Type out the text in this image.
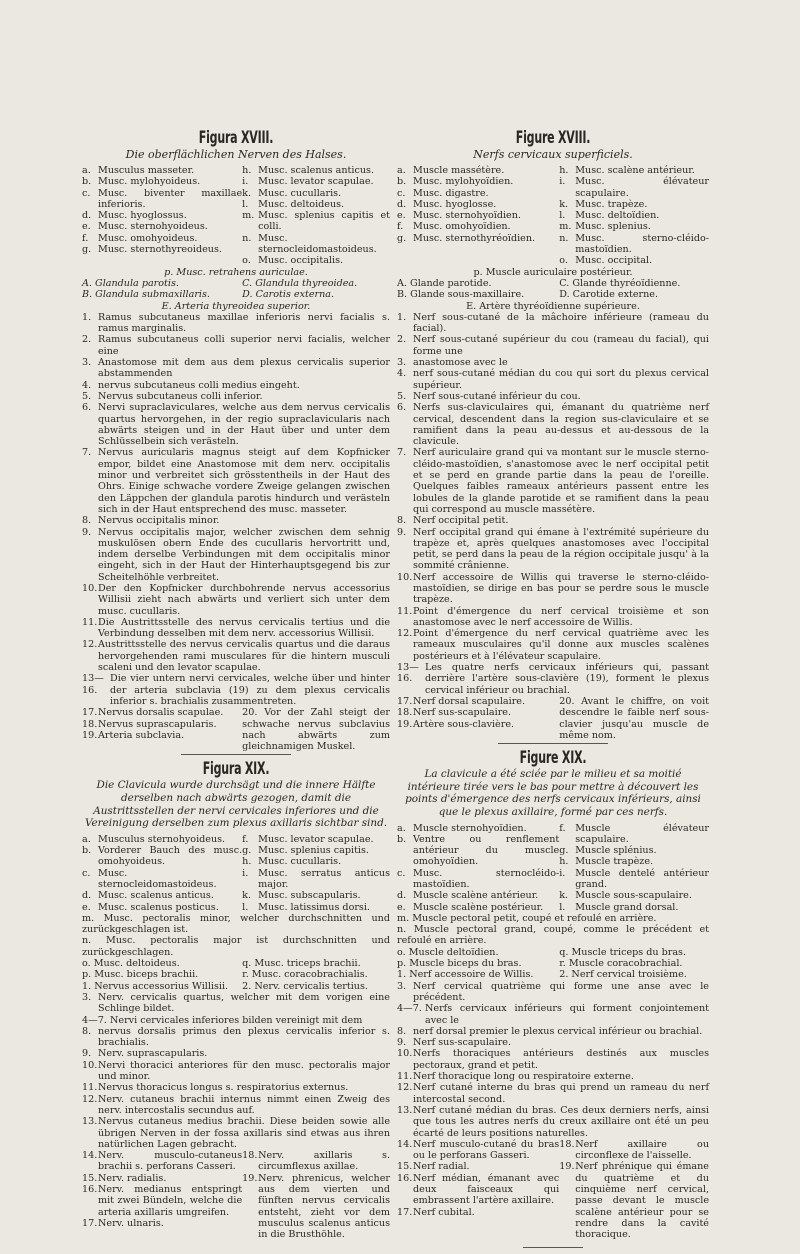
Figura XVIII.
Die oberflächlichen Nerven des Halses.
a. Musculus masseter.
b. Musc. mylohyoideus.
c. Musc. biventer maxillae inferioris.
d. Musc. hyoglossus.
e. Musc. sternohyoideus.
f.	Musc. omohyoideus.
g. Musc. sternothyreoideus.
h. Musc. scalenus anticus.
i.	Musc. levator scapulae.
k. Musc. cucullaris.
l.	Musc. deltoideus.
m. Musc. splenius capitis et colli.
n. Musc. sternocleidomastoideus.
o. Musc. occipitalis.
p. Musc. retrahens auriculae.
A. Glandula parotis.	C. Glandula thyreoidea.
B. Glandula submaxillaris.	D. Carotis externa.
E. Arteria thyreoidea superior.
1. Ramus subcutaneus maxillae inferioris nervi facialis s. ramus marginalis.
2. Ramus subcutaneus colli superior nervi facialis, welcher eine
3. Anastomose mit dem aus dem plexus cervicalis superior abstammenden
4. nervus subcutaneus colli medius eingeht.
5. Nervus subcutaneus colli inferior.
6. Nervi supraclaviculares, welche aus dem nervus cervicalis quartus hervorgehen, in der regio supraclavicularis nach abwärts steigen und in der Haut über und unter dem Schlüsselbein sich verästeln.
7. Nervus auricularis magnus steigt auf dem Kopfnicker empor, bildet eine Anastomose mit dem nerv. occipitalis minor und verbreitet sich grösstentheils in der Haut des Ohrs. Einige schwache vordere Zweige gelangen zwischen den Läppchen der glandula parotis hindurch und verästeln sich in der Haut entsprechend des musc. masseter.
8. Nervus occipitalis minor.
9. Nervus occipitalis major, welcher zwischen dem sehnig muskulösen obern Ende des cucullaris hervortritt und, indem derselbe Verbindungen mit dem occipitalis minor eingeht, sich in der Haut der Hinterhauptsgegend bis zur Scheitelhöhle verbreitet.
10. Der den Kopfnicker durchbohrende nervus accessorius Willisii zieht nach abwärts und verliert sich unter dem musc. cucullaris.
11. Die Austrittsstelle des nervus cervicalis tertius und die Verbindung desselben mit dem nerv. accessorius Willisii.
12. Austrittsstelle des nervus cervicalis quartus und die daraus hervorgehenden rami musculares für die hintern musculi scaleni und den levator scapulae.
13—16.
Die vier untern nervi cervicales, welche über und hinter der arteria subclavia (19) zu dem plexus cervicalis inferior s. brachialis zusammentreten.
17. Nervus dorsalis scapulae.
18. Nervus suprascapularis.
19. Arteria subclavia.
20. Vor der Zahl steigt der schwache nervus subclavius nach abwärts zum gleichnamigen Muskel.
Figura XIX.
Die Clavicula wurde durchsägt und die innere Hälfte derselben nach abwärts gezogen, damit die Austrittsstellen der nervi cervicales inferiores und die Vereinigung derselben zum plexus axillaris sichtbar sind.
a. Musculus sternohyoideus.
b. Vorderer Bauch des musc. omohyoideus.
c. Musc. sternocleidomastoideus.
d. Musc. scalenus anticus.
e. Musc. scalenus posticus.
f.	Musc. levator scapulae.
g. Musc. splenius capitis.
h. Musc. cucullaris.
i.	Musc. serratus anticus major.
k. Musc. subscapularis.
l.	Musc. latissimus dorsi.
m. Musc. pectoralis minor, welcher durchschnitten und zurückgeschlagen ist.
n. Musc. pectoralis major ist durchschnitten und zurückgeschlagen.
o. Musc. deltoideus.	q. Musc. triceps brachii.
p. Musc. biceps brachii.	r. Musc. coracobrachialis.
1. Nervus accessorius Willisii.	2. Nerv. cervicalis tertius.
3. Nerv. cervicalis quartus, welcher mit dem vorigen eine Schlinge bildet.
4—7. Nervi cervicales inferiores bilden vereinigt mit dem
8. nervus dorsalis primus den plexus cervicalis inferior s. brachialis.
9. Nerv. suprascapularis.
10. Nervi thoracici anteriores für den musc. pectoralis major und minor.
11. Nervus thoracicus longus s. respiratorius externus.
12. Nerv. cutaneus brachii internus nimmt einen Zweig des nerv. intercostalis secundus auf.
13. Nervus cutaneus medius brachii. Diese beiden sowie alle übrigen Nerven in der fossa axillaris sind etwas aus ihren natürlichen Lagen gebracht.
14. Nerv. musculo-cutaneus brachii s. perforans Casseri.
15. Nerv. radialis.
16. Nerv. medianus entspringt mit zwei Bündeln, welche die arteria axillaris umgreifen.
17. Nerv. ulnaris.
18. Nerv. axillaris s. circumflexus axillae.
19. Nerv. phrenicus, welcher aus dem vierten und fünften nervus cervicalis entsteht, zieht vor dem musculus scalenus anticus in die Brusthöhle.
Figure XVIII.
Nerfs cervicaux superficiels.
a. Muscle massétère.
b. Musc. mylohyoïdien.
c. Musc. digastre.
d. Musc. hyoglosse.
e. Musc. sternohyoïdien.
f.	Musc. omohyoïdien.
g. Musc. sternothyréoïdien.
h. Musc. scalène antérieur.
i.	Musc. élévateur scapulaire.
k. Musc. trapèze.
l.	Musc. deltoïdien.
m. Musc. splenius.
n. Musc. sterno-cléido-mastoïdien.
o. Musc. occipital.
p. Muscle auriculaire postérieur.
A. Glande parotide.	C. Glande thyréoïdienne.
B. Glande sous-maxillaire.	D. Carotide externe.
E. Artère thyréoïdienne supérieure.
1. Nerf sous-cutané de la mâchoire inférieure (rameau du facial).
2. Nerf sous-cutané supérieur du cou (rameau du facial), qui forme une
3. anastomose avec le
4. nerf sous-cutané médian du cou qui sort du plexus cervical supérieur.
5. Nerf sous-cutané inférieur du cou.
6. Nerfs sus-claviculaires qui, émanant du quatrième nerf cervical, descendent dans la region sus-claviculaire et se ramifient dans la peau au-dessus et au-dessous de la clavicule.
7. Nerf auriculaire grand qui va montant sur le muscle sterno-cléido-mastoïdien, s'anastomose avec le nerf occipital petit et se perd en grande partie dans la peau de l'oreille. Quelques faibles rameaux antérieurs passent entre les lobules de la glande parotide et se ramifient dans la peau qui correspond au muscle massétère.
8. Nerf occipital petit.
9. Nerf occipital grand qui émane à l'extrémité supérieure du trapèze et, après quelques anastomoses avec l'occipital petit, se perd dans la peau de la région occipitale jusqu' à la sommité crânienne.
10. Nerf accessoire de Willis qui traverse le sterno-cléido-mastoïdien, se dirige en bas pour se perdre sous le muscle trapèze.
11. Point d'émergence du nerf cervical troisième et son anastomose avec le nerf accessoire de Willis.
12. Point d'émergence du nerf cervical quatrième avec les rameaux musculaires qu'il donne aux muscles scalènes postérieurs et à l'élévateur scapulaire.
13—16.
Les quatre nerfs cervicaux inférieurs qui, passant derrière l'artère sous-clavière (19), forment le plexus cervical inférieur ou brachial.
17. Nerf dorsal scapulaire.
18. Nerf sus-scapulaire.
19. Artère sous-clavière.
20. Avant le chiffre, on voit descendre le faible nerf sous-clavier jusqu'au muscle de même nom.
Figure XIX.
La clavicule a été sciée par le milieu et sa moitié intérieure tirée vers le bas pour mettre à découvert les points d'émergence des nerfs cervicaux inférieurs, ainsi que le plexus axillaire, formé par ces nerfs.
a. Muscle sternohyoïdien.
b. Ventre ou renflement antérieur du muscle omohyoïdien.
c. Musc. sternocléido-mastoïdien.
d. Muscle scalène antérieur.
e. Muscle scalène postérieur.
f.	Muscle élévateur scapulaire.
g. Muscle splénius.
h. Muscle trapèze.
i.	Muscle dentelé antérieur grand.
k. Muscle sous-scapulaire.
l.	Muscle grand dorsal.
m. Muscle pectoral petit, coupé et refoulé en arrière.
n. Muscle pectoral grand, coupé, comme le précédent et refoulé en arrière.
o. Muscle deltoïdien.	q. Muscle triceps du bras.
p. Muscle biceps du bras.	r. Muscle coracobrachial.
1. Nerf accessoire de Willis.	2. Nerf cervical troisième.
3. Nerf cervical quatrième qui forme une anse avec le précédent.
4—7. Nerfs cervicaux inférieurs qui forment conjointement avec le
8. nerf dorsal premier le plexus cervical inférieur ou brachial.
9. Nerf sus-scapulaire.
10. Nerfs thoraciques antérieurs destinés aux muscles pectoraux, grand et petit.
11. Nerf thoracique long ou respiratoire externe.
12. Nerf cutané interne du bras qui prend un rameau du nerf intercostal second.
13. Nerf cutané médian du bras. Ces deux derniers nerfs, ainsi que tous les autres nerfs du creux axillaire ont été un peu écarté de leurs positions naturelles.
14. Nerf musculo-cutané du bras ou le perforans Gasseri.
15. Nerf radial.
16. Nerf médian, émanant avec deux faisceaux qui embrassent l'artère axillaire.
17. Nerf cubital.
18. Nerf axillaire ou circonflexe de l'aisselle.
19. Nerf phrénique qui émane du quatrième et du cinquième nerf cervical, passe devant le muscle scalène antérieur pour se rendre dans la cavité thoracique.
